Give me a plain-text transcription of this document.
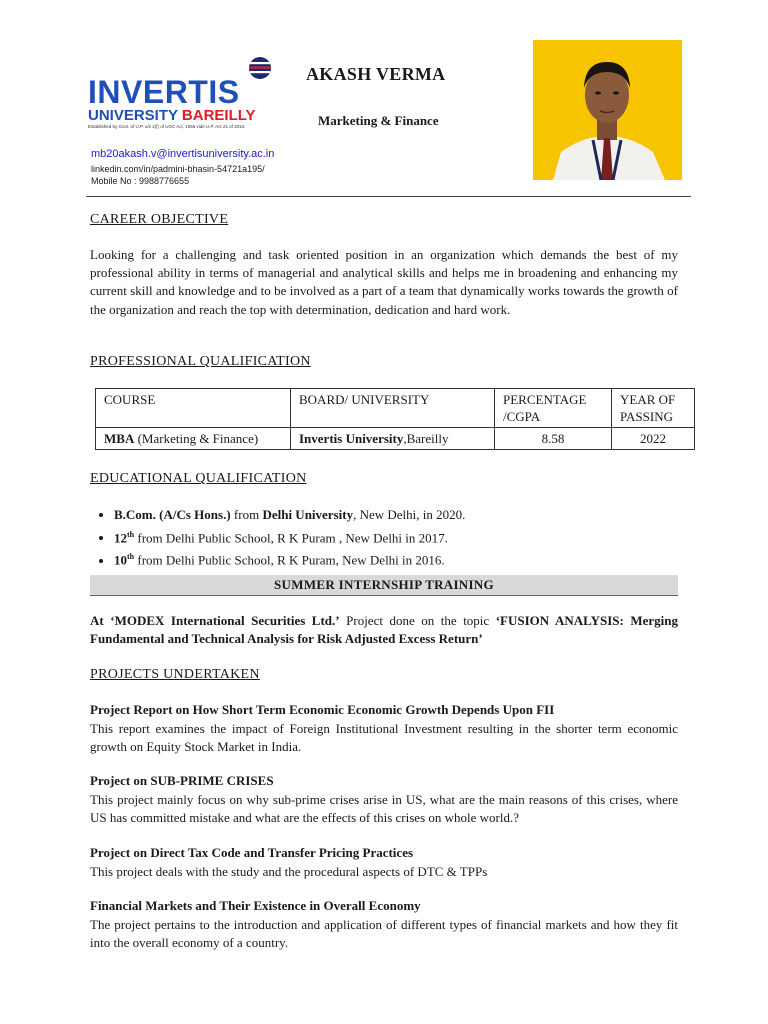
INVERTIS
UNIVERSITY BAREILLY
Established by Govt. of U.P. u/s 2(f) of UGC Act, 1956 vide U.P. Act 21 of 2010.
AKASH VERMA
Marketing & Finance
mb20akash.v@invertisuniversity.ac.in
linkedin.com/in/padmini-bhasin-54721a195/
Mobile No : 9988776655
CAREER OBJECTIVE
Looking for a challenging and task oriented position in an organization which demands the best of my professional ability in terms of managerial and analytical skills and helps me in broadening and enhancing my current skill and knowledge and to be involved as a part of a team that dynamically works towards the growth of the organization and reach the top with determination, dedication and hard work.
PROFESSIONAL QUALIFICATION
COURSE	BOARD/ UNIVERSITY	PERCENTAGE /CGPA	YEAR OF PASSING
MBA (Marketing & Finance)	Invertis University,Bareilly	8.58	2022
EDUCATIONAL QUALIFICATION
• B.Com. (A/Cs Hons.) from Delhi University, New Delhi, in 2020.
• 12th from Delhi Public School, R K Puram , New Delhi in 2017.
• 10th from Delhi Public School, R K Puram, New Delhi in 2016.
SUMMER INTERNSHIP TRAINING
At ‘MODEX International Securities Ltd.’ Project done on the topic ‘FUSION ANALYSIS: Merging Fundamental and Technical Analysis for Risk Adjusted Excess Return’
PROJECTS UNDERTAKEN
Project Report on How Short Term Economic Economic Growth Depends Upon FII
This report examines the impact of Foreign Institutional Investment resulting in the shorter term economic growth on Equity Stock Market in India.
Project on SUB-PRIME CRISES
This project mainly focus on why sub-prime crises arise in US, what are the main reasons of this crises, where US has committed mistake and what are the effects of this crises on whole world.?
Project on Direct Tax Code and Transfer Pricing Practices
This project deals with the study and the procedural aspects of DTC & TPPs
Financial Markets and Their Existence in Overall Economy
The project pertains to the introduction and application of different types of financial markets and how they fit into the overall economy of a country.
